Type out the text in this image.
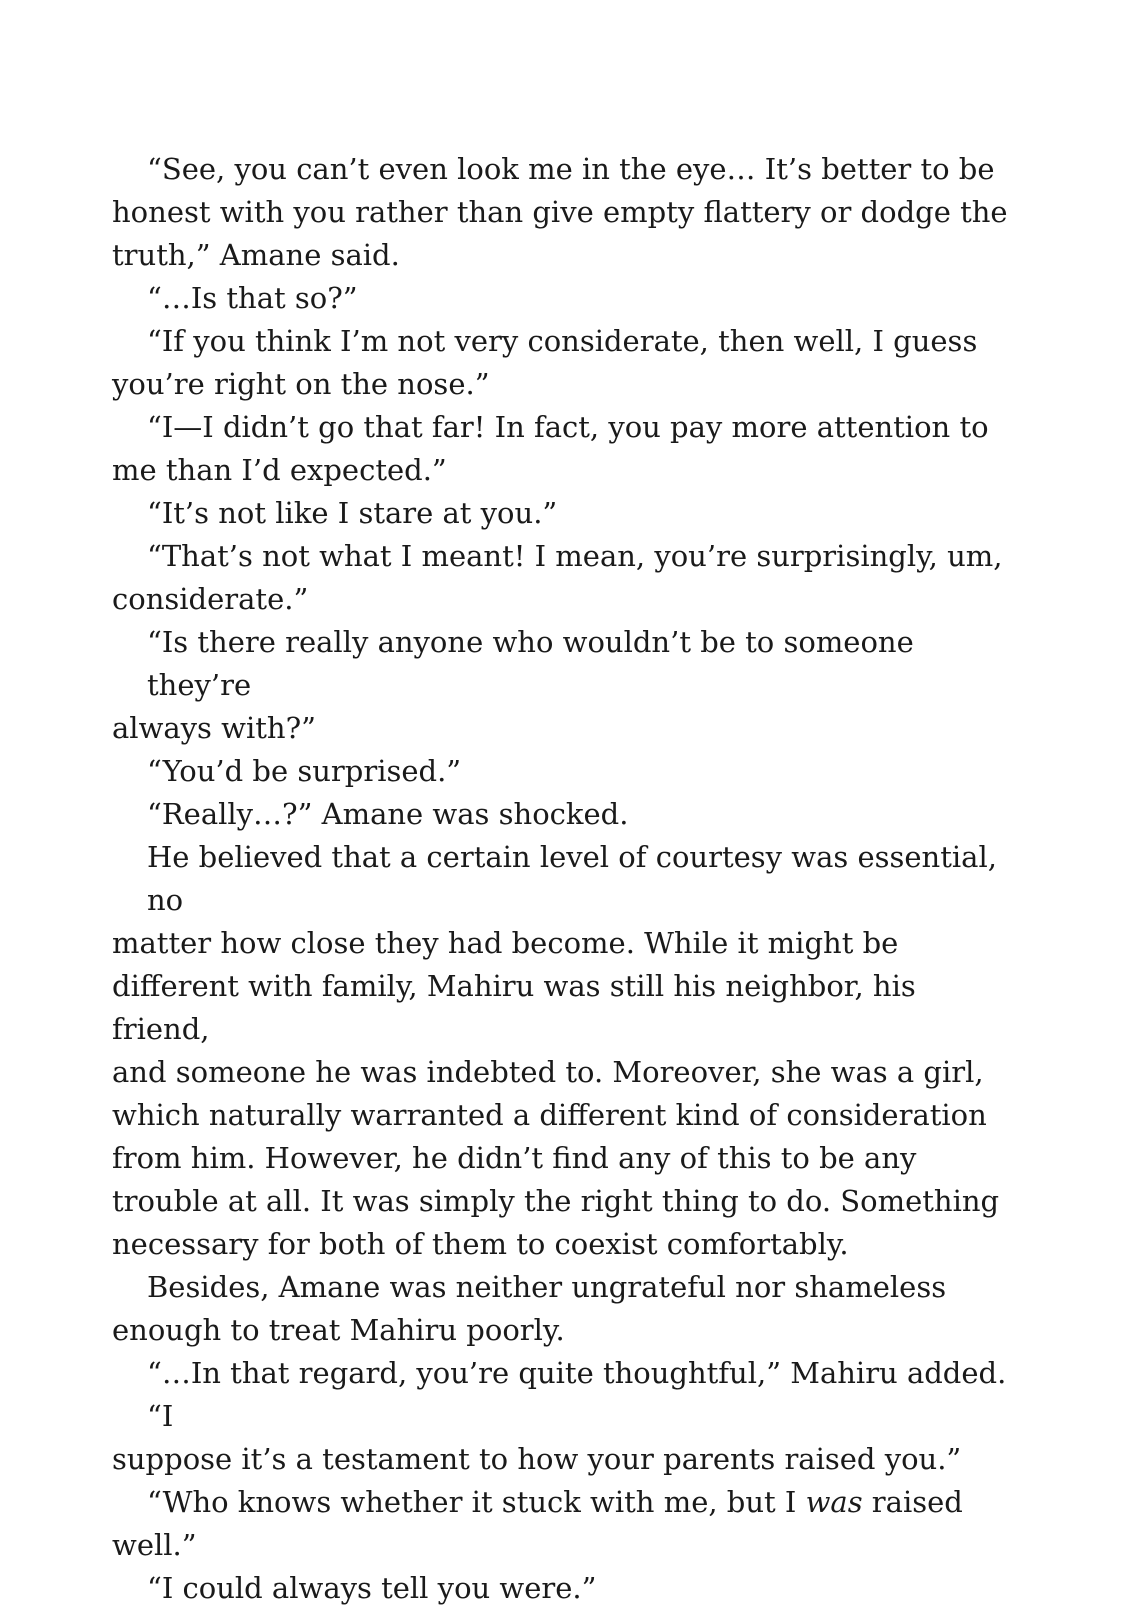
“See, you can’t even look me in the eye… It’s better to be
honest with you rather than give empty flattery or dodge the
truth,” Amane said.
“…Is that so?”
“If you think I’m not very considerate, then well, I guess
you’re right on the nose.”
“I—I didn’t go that far! In fact, you pay more attention to
me than I’d expected.”
“It’s not like I stare at you.”
“That’s not what I meant! I mean, you’re surprisingly, um,
considerate.”
“Is there really anyone who wouldn’t be to someone they’re
always with?”
“You’d be surprised.”
“Really…?” Amane was shocked.
He believed that a certain level of courtesy was essential, no
matter how close they had become. While it might be
different with family, Mahiru was still his neighbor, his friend,
and someone he was indebted to. Moreover, she was a girl,
which naturally warranted a different kind of consideration
from him. However, he didn’t find any of this to be any
trouble at all. It was simply the right thing to do. Something
necessary for both of them to coexist comfortably.
Besides, Amane was neither ungrateful nor shameless
enough to treat Mahiru poorly.
“…In that regard, you’re quite thoughtful,” Mahiru added. “I
suppose it’s a testament to how your parents raised you.”
“Who knows whether it stuck with me, but I was raised
well.”
“I could always tell you were.”
